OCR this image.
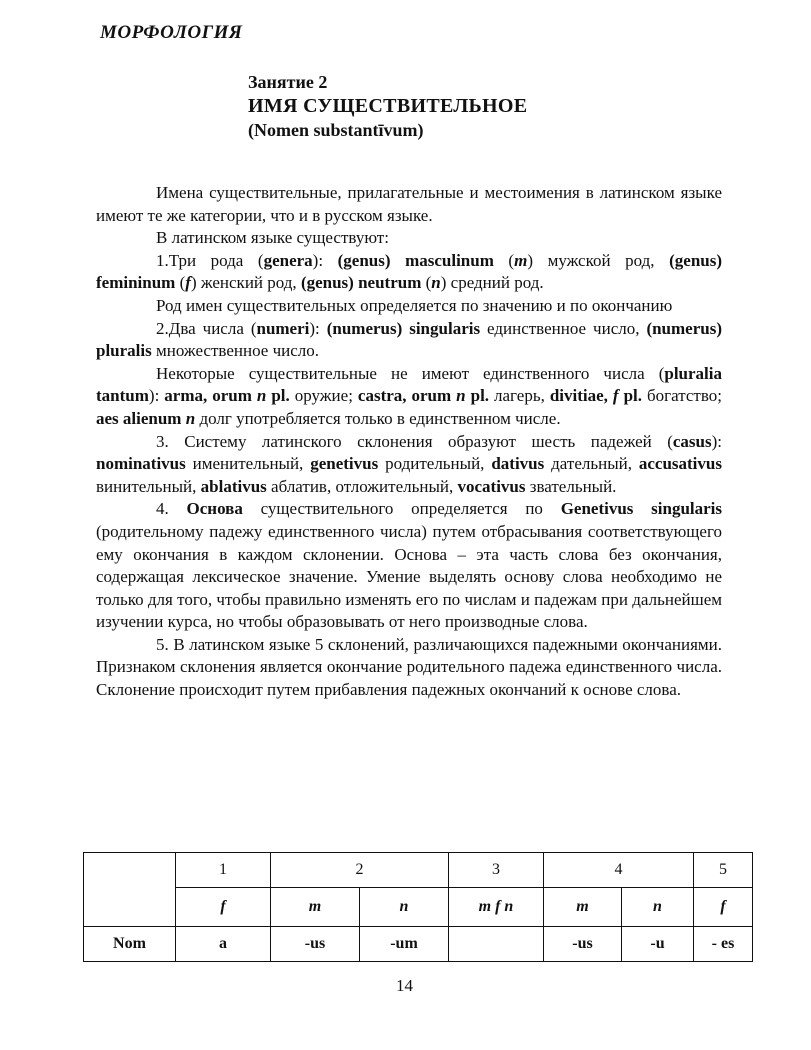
МОРФОЛОГИЯ
Занятие 2
ИМЯ СУЩЕСТВИТЕЛЬНОЕ
(Nomen substantīvum)

Имена существительные, прилагательные и местоимения в латинском языке имеют те же категории, что и в русском языке.

В латинском языке существуют:

1.Три рода (genera): (genus) masculinum (m) мужской род, (genus) femininum (f) женский род, (genus) neutrum (n) средний род.

Род имен существительных определяется по значению и по окончанию

2.Два числа (numeri): (numerus) singularis единственное число, (numerus) pluralis множественное число.

Некоторые существительные не имеют единственного числа (pluralia tantum): arma, orum n pl. оружие; castra, orum n pl. лагерь, divitiae, f pl. богатство; aes alienum n долг употребляется только в единственном числе.

3. Систему латинского склонения образуют шесть падежей (casus): nominativus именительный, genetivus родительный, dativus дательный, accusativus винительный, ablativus аблатив, отложительный, vocativus звательный.

4. Основа существительного определяется по Genetivus singularis (родительному падежу единственного числа) путем отбрасывания соответствующего ему окончания в каждом склонении. Основа – эта часть слова без окончания, содержащая лексическое значение. Умение выделять основу слова необходимо не только для того, чтобы правильно изменять его по числам и падежам при дальнейшем изучении курса, но чтобы образовывать от него производные слова.

5. В латинском языке 5 склонений, различающихся падежными окончаниями. Признаком склонения является окончание родительного падежа единственного числа. Склонение происходит путем прибавления падежных окончаний к основе слова.

	1	2		3	4		5
	f	m	n	m f n	m	n	f
Nom	a	-us	-um		-us	-u	- es
14
